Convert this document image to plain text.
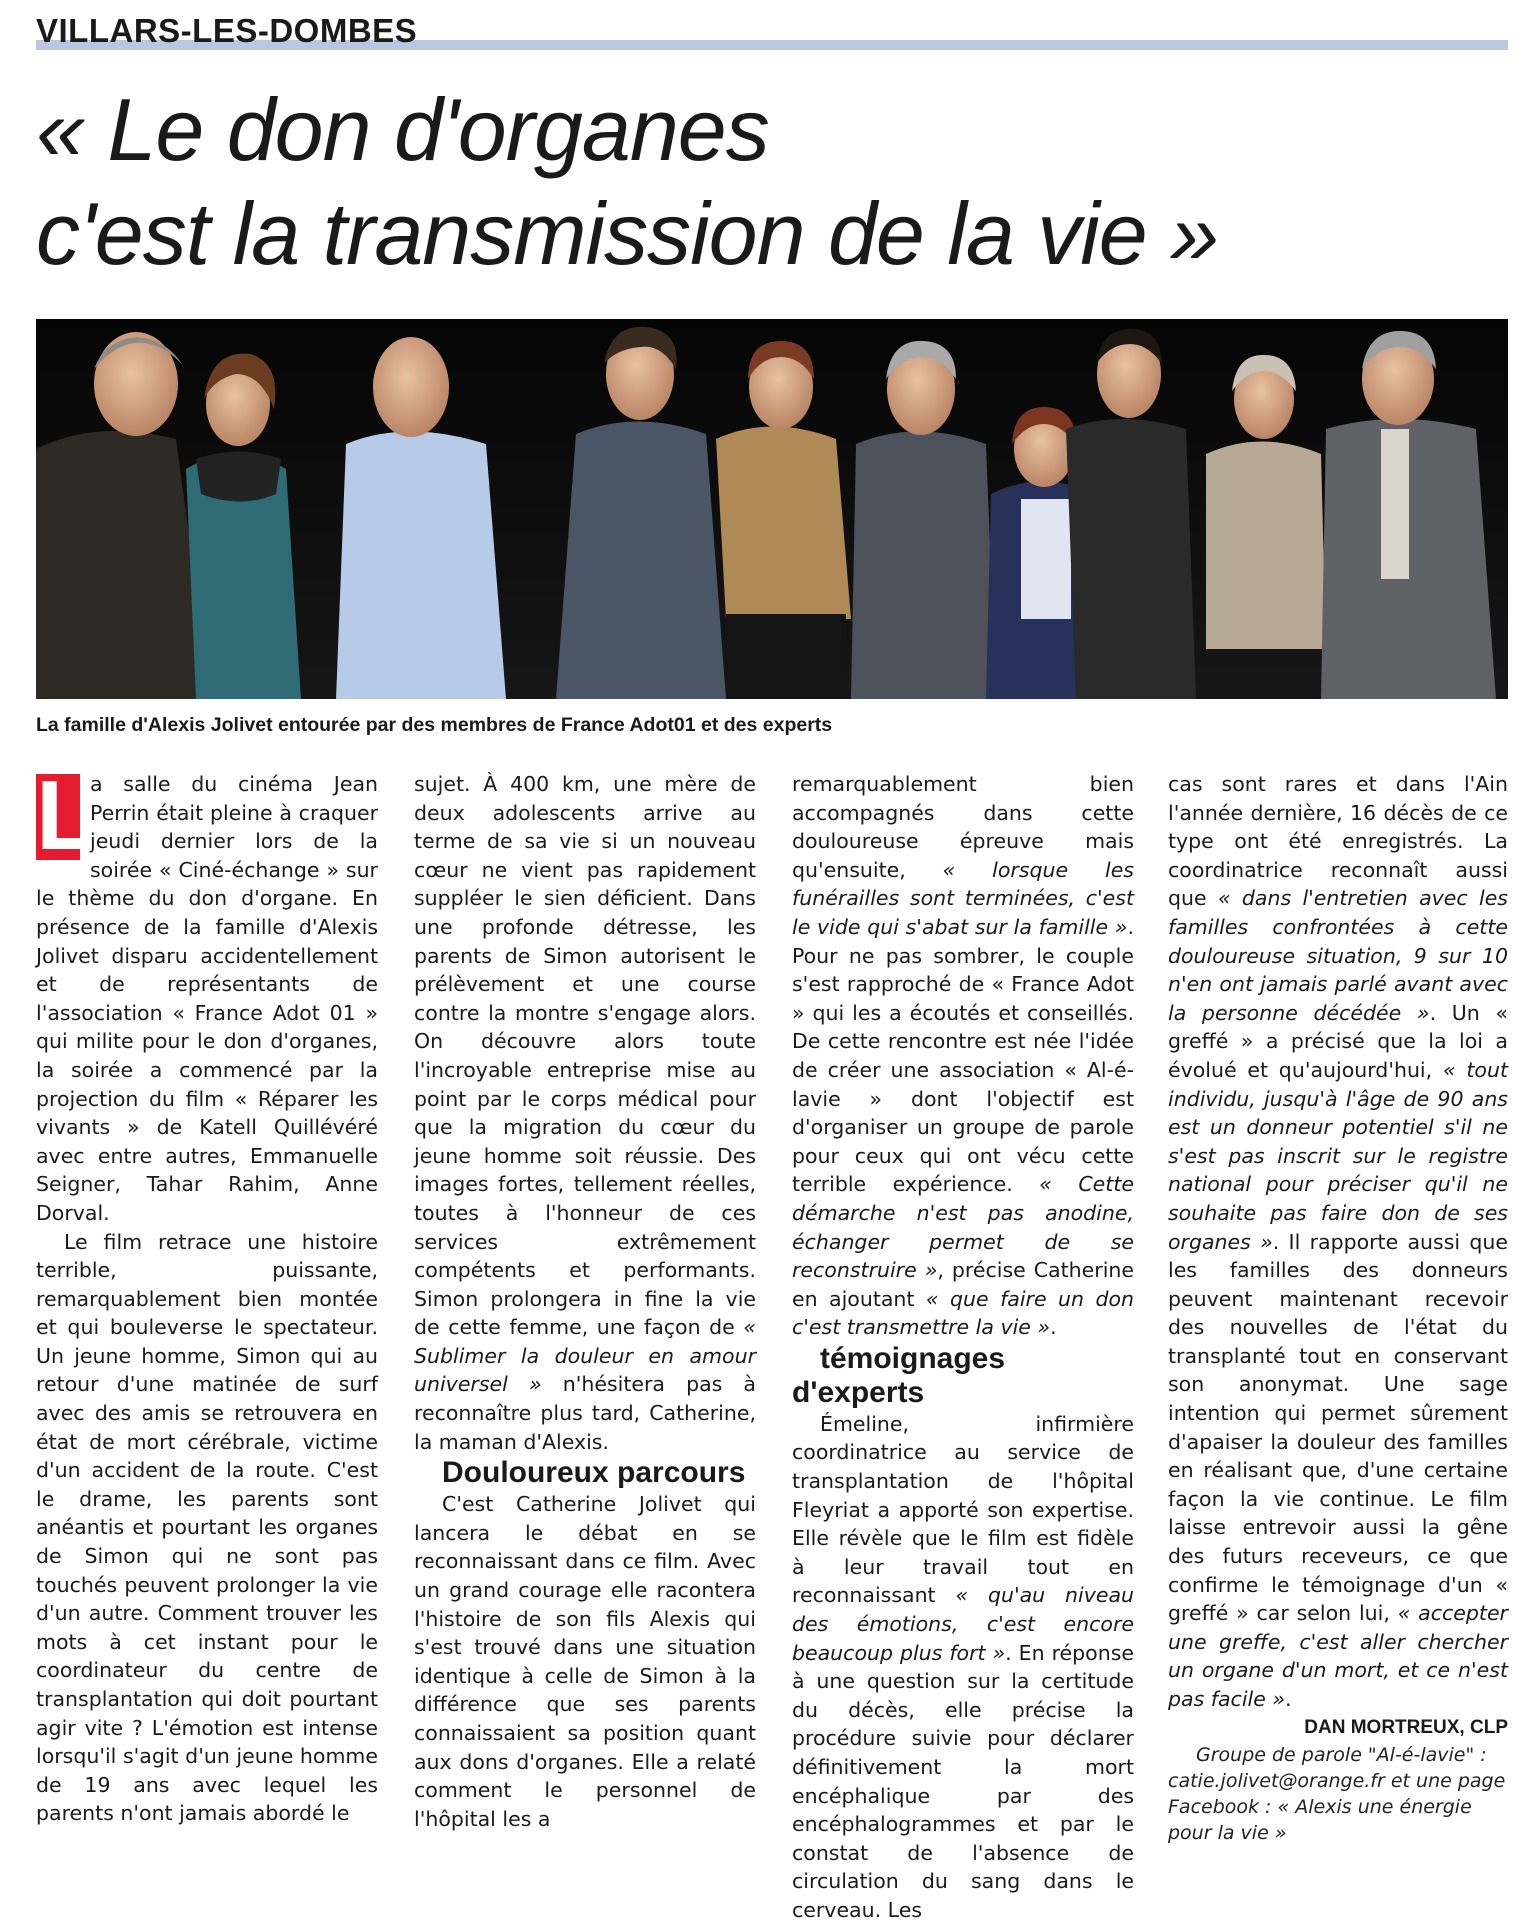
VILLARS-LES-DOMBES
« Le don d'organes
c'est la transmission de la vie »
La famille d'Alexis Jolivet entourée par des membres de France Adot01 et des experts

L
a salle du cinéma Jean Perrin était pleine à craquer jeudi dernier lors de la soirée « Ciné-échange » sur le thème du don d'organe. En présence de la famille d'Alexis Jolivet disparu accidentellement et de représentants de l'association « France Adot 01 » qui milite pour le don d'organes, la soirée a commencé par la projection du film « Réparer les vivants » de Katell Quillévéré avec entre autres, Emmanuelle Seigner, Tahar Rahim, Anne Dorval.

Le film retrace une histoire terrible, puissante, remarquablement bien montée et qui bouleverse le spectateur. Un jeune homme, Simon qui au retour d'une matinée de surf avec des amis se retrouvera en état de mort cérébrale, victime d'un accident de la route. C'est le drame, les parents sont anéantis et pourtant les organes de Simon qui ne sont pas touchés peuvent prolonger la vie d'un autre. Comment trouver les mots à cet instant pour le coordinateur du centre de transplantation qui doit pourtant agir vite ? L'émotion est intense lorsqu'il s'agit d'un jeune homme de 19 ans avec lequel les parents n'ont jamais abordé le

sujet. À 400 km, une mère de deux adolescents arrive au terme de sa vie si un nouveau cœur ne vient pas rapidement suppléer le sien déficient. Dans une profonde détresse, les parents de Simon autorisent le prélèvement et une course contre la montre s'engage alors. On découvre alors toute l'incroyable entreprise mise au point par le corps médical pour que la migration du cœur du jeune homme soit réussie. Des images fortes, tellement réelles, toutes à l'honneur de ces services extrêmement compétents et performants. Simon prolongera in fine la vie de cette femme, une façon de « Sublimer la douleur en amour universel » n'hésitera pas à reconnaître plus tard, Catherine, la maman d'Alexis.

Douloureux parcours

C'est Catherine Jolivet qui lancera le débat en se reconnaissant dans ce film. Avec un grand courage elle racontera l'histoire de son fils Alexis qui s'est trouvé dans une situation identique à celle de Simon à la différence que ses parents connaissaient sa position quant aux dons d'organes. Elle a relaté comment le personnel de l'hôpital les a

remarquablement bien accompagnés dans cette douloureuse épreuve mais qu'ensuite, « lorsque les funérailles sont terminées, c'est le vide qui s'abat sur la famille ». Pour ne pas sombrer, le couple s'est rapproché de « France Adot » qui les a écoutés et conseillés. De cette rencontre est née l'idée de créer une association « Al-é-lavie » dont l'objectif est d'organiser un groupe de parole pour ceux qui ont vécu cette terrible expérience. « Cette démarche n'est pas anodine, échanger permet de se reconstruire », précise Catherine en ajoutant « que faire un don c'est transmettre la vie ».

témoignages d'experts

Émeline, infirmière coordinatrice au service de transplantation de l'hôpital Fleyriat a apporté son expertise. Elle révèle que le film est fidèle à leur travail tout en reconnaissant « qu'au niveau des émotions, c'est encore beaucoup plus fort ». En réponse à une question sur la certitude du décès, elle précise la procédure suivie pour déclarer définitivement la mort encéphalique par des encéphalogrammes et par le constat de l'absence de circulation du sang dans le cerveau. Les

cas sont rares et dans l'Ain l'année dernière, 16 décès de ce type ont été enregistrés. La coordinatrice reconnaît aussi que « dans l'entretien avec les familles confrontées à cette douloureuse situation, 9 sur 10 n'en ont jamais parlé avant avec la personne décédée ». Un « greffé » a précisé que la loi a évolué et qu'aujourd'hui, « tout individu, jusqu'à l'âge de 90 ans est un donneur potentiel s'il ne s'est pas inscrit sur le registre national pour préciser qu'il ne souhaite pas faire don de ses organes ». Il rapporte aussi que les familles des donneurs peuvent maintenant recevoir des nouvelles de l'état du transplanté tout en conservant son anonymat. Une sage intention qui permet sûrement d'apaiser la douleur des familles en réalisant que, d'une certaine façon la vie continue. Le film laisse entrevoir aussi la gêne des futurs receveurs, ce que confirme le témoignage d'un « greffé » car selon lui, « accepter une greffe, c'est aller chercher un organe d'un mort, et ce n'est pas facile ».

DAN MORTREUX, CLP

Groupe de parole "Al-é-lavie" : catie.jolivet@orange.fr et une page Facebook : « Alexis une énergie pour la vie »
